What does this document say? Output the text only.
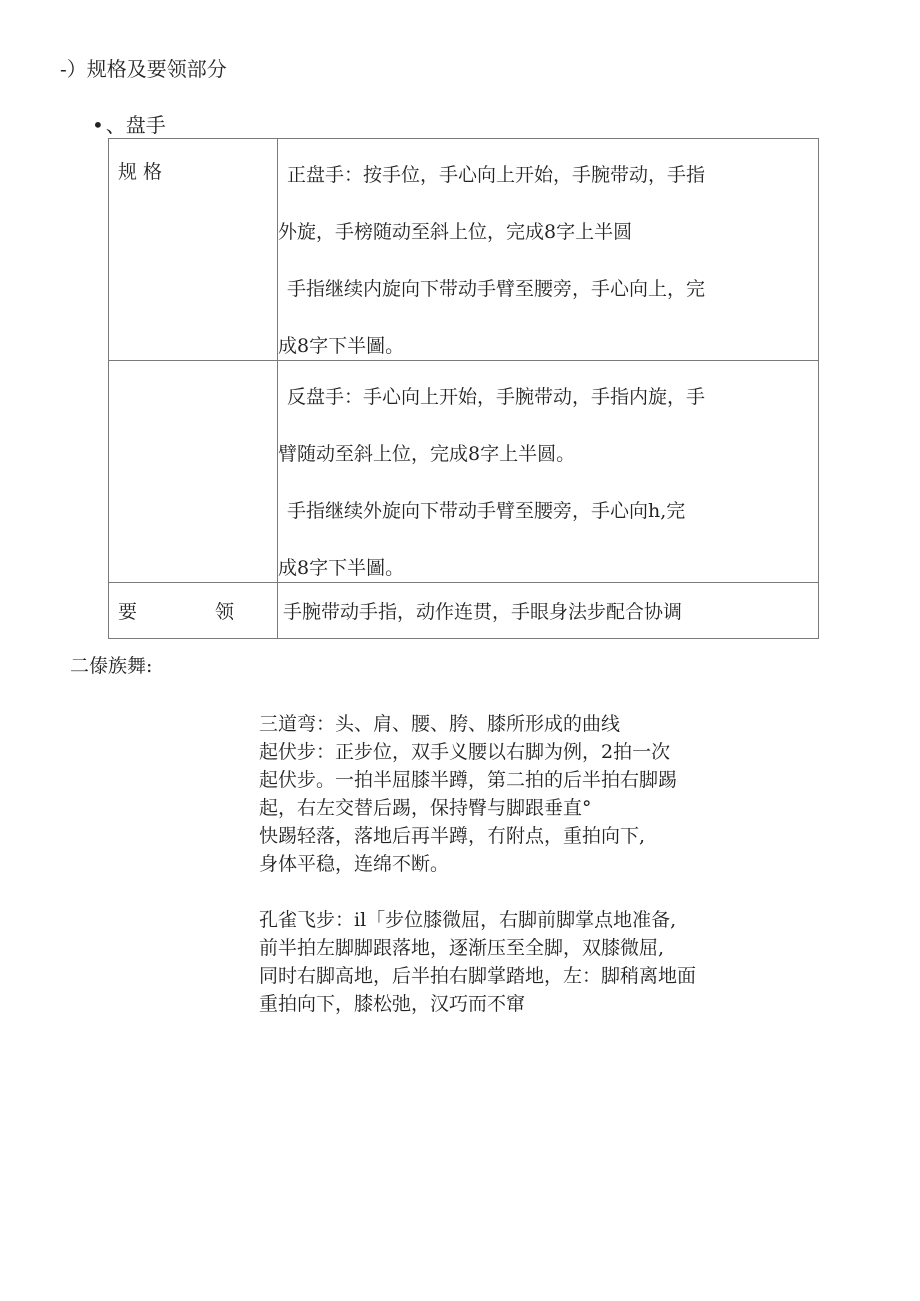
-）规格及要领部分
• 、盘手
规格	正盘手：按手位，手心向上开始，手腕带动，手指
外旋，手榜随动至斜上位，完成8字上半圆
手指继续内旋向下带动手臂至腰旁，手心向上，完
成8字下半圖。

	反盘手：手心向上开始，手腕带动，手指内旋，手
臂随动至斜上位，完成8字上半圆。
手指继续外旋向下带动手臂至腰旁，手心向h,完
成8字下半圖。

要 领	手腕带动手指，动作连贯，手眼身法步配合协调
二傣族舞:
三道弯：头、肩、腰、胯、膝所形成的曲线
起伏步：正步位，双手义腰以右脚为例，2拍一次
起伏步。一拍半屈膝半蹲，第二拍的后半拍右脚踢
起，右左交替后踢，保持臀与脚跟垂直°
快踢轻落，落地后再半蹲，冇附点，重拍向下,
身体平稳，连绵不断。
孔雀飞步：il「步位膝微屈，右脚前脚掌点地准备,
前半拍左脚脚跟落地，逐渐压至全脚，双膝微屈,
同时右脚高地，后半拍右脚掌踏地，左：脚稍离地面
重拍向下，膝松弛，汉巧而不窜
